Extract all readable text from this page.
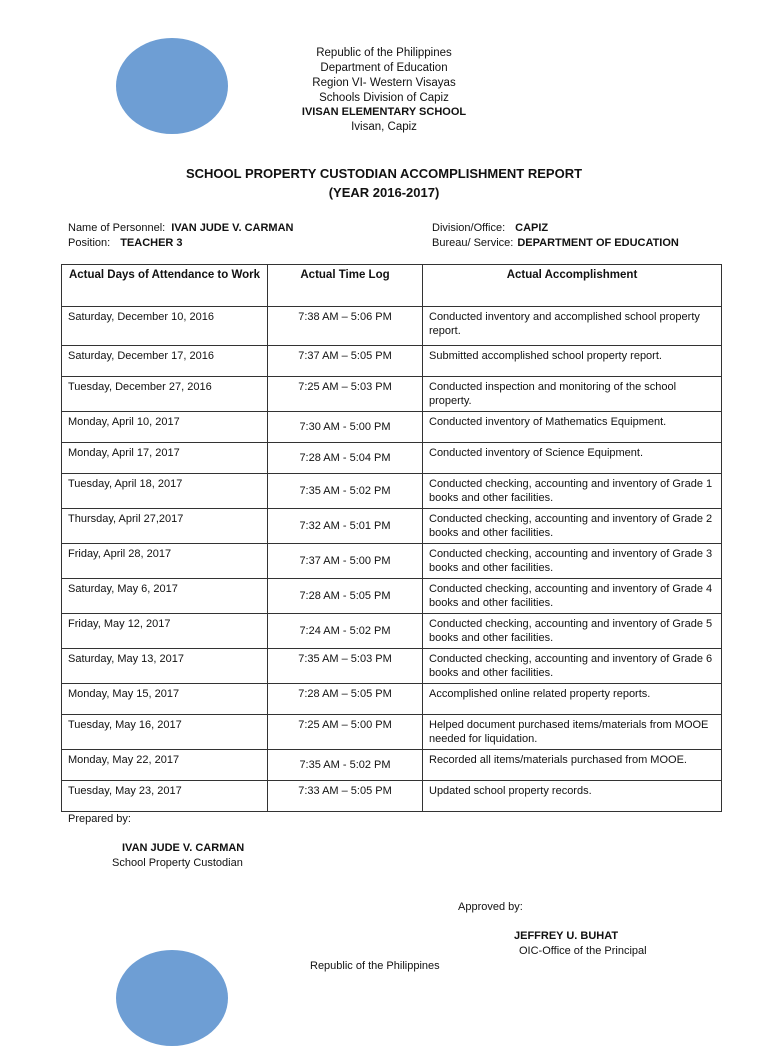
Republic of the Philippines
Department of Education
Region VI- Western Visayas
Schools Division of Capiz
IVISAN ELEMENTARY SCHOOL
Ivisan, Capiz
SCHOOL PROPERTY CUSTODIAN ACCOMPLISHMENT REPORT
(YEAR 2016-2017)
Name of Personnel: IVAN JUDE V. CARMAN
Position: TEACHER 3
Division/Office: CAPIZ
Bureau/ Service: DEPARTMENT OF EDUCATION
Actual Days of Attendance to Work	Actual Time Log	Actual Accomplishment
Saturday, December 10, 2016	7:38 AM – 5:06 PM	Conducted inventory and accomplished school property report.
Saturday, December 17, 2016	7:37 AM – 5:05 PM	Submitted accomplished school property report.
Tuesday, December 27, 2016	7:25 AM – 5:03 PM	Conducted inspection and monitoring of the school property.
Monday, April 10, 2017	7:30 AM - 5:00 PM	Conducted inventory of Mathematics Equipment.
Monday, April 17, 2017	7:28 AM - 5:04 PM	Conducted inventory of Science Equipment.
Tuesday, April 18, 2017	7:35 AM - 5:02 PM	Conducted checking, accounting and inventory of Grade 1 books and other facilities.
Thursday, April 27,2017	7:32 AM - 5:01 PM	Conducted checking, accounting and inventory of Grade 2 books and other facilities.
Friday, April 28, 2017	7:37 AM - 5:00 PM	Conducted checking, accounting and inventory of Grade 3 books and other facilities.
Saturday, May 6, 2017	7:28 AM - 5:05 PM	Conducted checking, accounting and inventory of Grade 4 books and other facilities.
Friday, May 12, 2017	7:24 AM - 5:02 PM	Conducted checking, accounting and inventory of Grade 5 books and other facilities.
Saturday, May 13, 2017	7:35 AM – 5:03 PM	Conducted checking, accounting and inventory of Grade 6 books and other facilities.
Monday, May 15, 2017	7:28 AM – 5:05 PM	Accomplished online related property reports.
Tuesday, May 16, 2017	7:25 AM – 5:00 PM	Helped document purchased items/materials from MOOE needed for liquidation.
Monday, May 22, 2017	7:35 AM - 5:02 PM	Recorded all items/materials purchased from MOOE.
Tuesday, May 23, 2017	7:33 AM – 5:05 PM	Updated school property records.
Prepared by:
IVAN JUDE V. CARMAN
School Property Custodian
Approved by:
JEFFREY U. BUHAT
OIC-Office of the Principal
Republic of the Philippines
